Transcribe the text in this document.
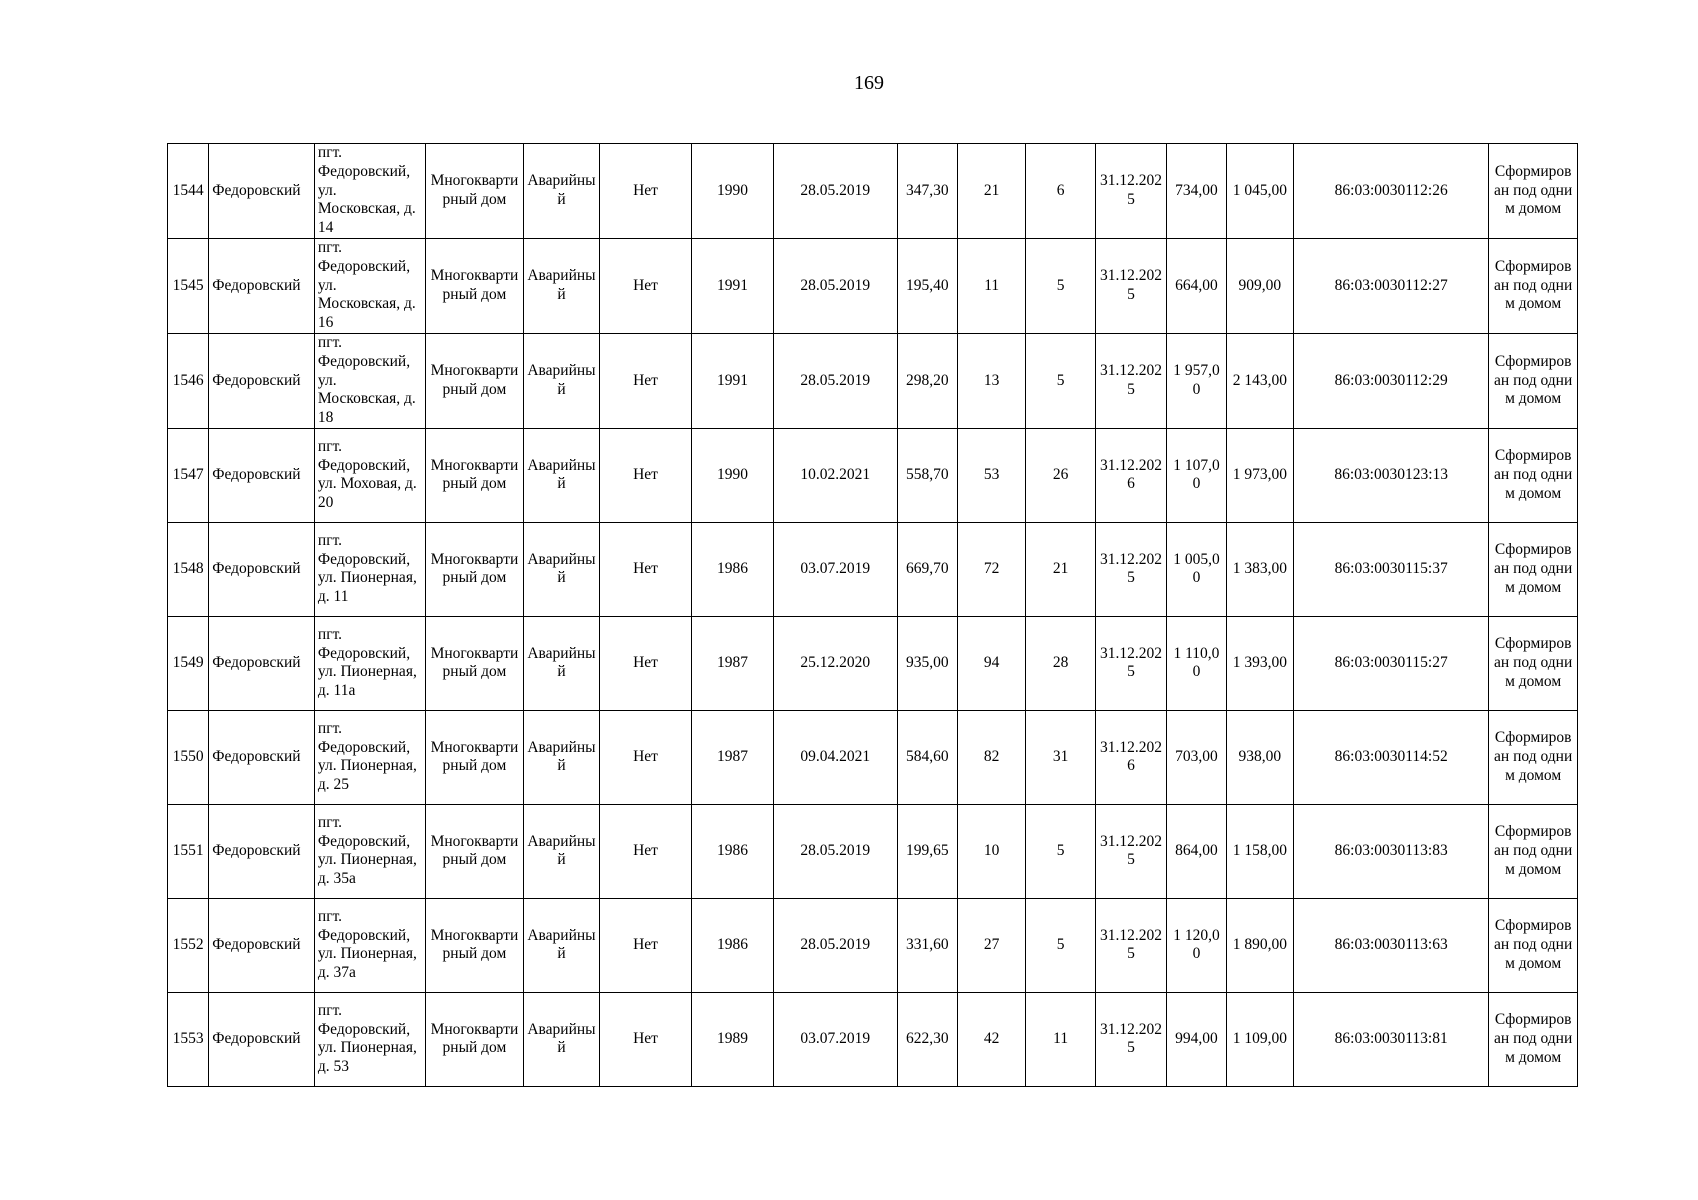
169
1544	Федоровский	пгт. Федоровский, ул. Московская, д. 14	Многоквартирный дом	Аварийный	Нет	1990	28.05.2019	347,30	21	6	31.12.2025	734,00	1 045,00	86:03:0030112:26	Сформирован под одним домом
1545	Федоровский	пгт. Федоровский, ул. Московская, д. 16	Многоквартирный дом	Аварийный	Нет	1991	28.05.2019	195,40	11	5	31.12.2025	664,00	909,00	86:03:0030112:27	Сформирован под одним домом
1546	Федоровский	пгт. Федоровский, ул. Московская, д. 18	Многоквартирный дом	Аварийный	Нет	1991	28.05.2019	298,20	13	5	31.12.2025	1 957,00	2 143,00	86:03:0030112:29	Сформирован под одним домом
1547	Федоровский	пгт. Федоровский, ул. Моховая, д. 20	Многоквартирный дом	Аварийный	Нет	1990	10.02.2021	558,70	53	26	31.12.2026	1 107,00	1 973,00	86:03:0030123:13	Сформирован под одним домом
1548	Федоровский	пгт. Федоровский, ул. Пионерная, д. 11	Многоквартирный дом	Аварийный	Нет	1986	03.07.2019	669,70	72	21	31.12.2025	1 005,00	1 383,00	86:03:0030115:37	Сформирован под одним домом
1549	Федоровский	пгт. Федоровский, ул. Пионерная, д. 11а	Многоквартирный дом	Аварийный	Нет	1987	25.12.2020	935,00	94	28	31.12.2025	1 110,00	1 393,00	86:03:0030115:27	Сформирован под одним домом
1550	Федоровский	пгт. Федоровский, ул. Пионерная, д. 25	Многоквартирный дом	Аварийный	Нет	1987	09.04.2021	584,60	82	31	31.12.2026	703,00	938,00	86:03:0030114:52	Сформирован под одним домом
1551	Федоровский	пгт. Федоровский, ул. Пионерная, д. 35а	Многоквартирный дом	Аварийный	Нет	1986	28.05.2019	199,65	10	5	31.12.2025	864,00	1 158,00	86:03:0030113:83	Сформирован под одним домом
1552	Федоровский	пгт. Федоровский, ул. Пионерная, д. 37а	Многоквартирный дом	Аварийный	Нет	1986	28.05.2019	331,60	27	5	31.12.2025	1 120,00	1 890,00	86:03:0030113:63	Сформирован под одним домом
1553	Федоровский	пгт. Федоровский, ул. Пионерная, д. 53	Многоквартирный дом	Аварийный	Нет	1989	03.07.2019	622,30	42	11	31.12.2025	994,00	1 109,00	86:03:0030113:81	Сформирован под одним домом
